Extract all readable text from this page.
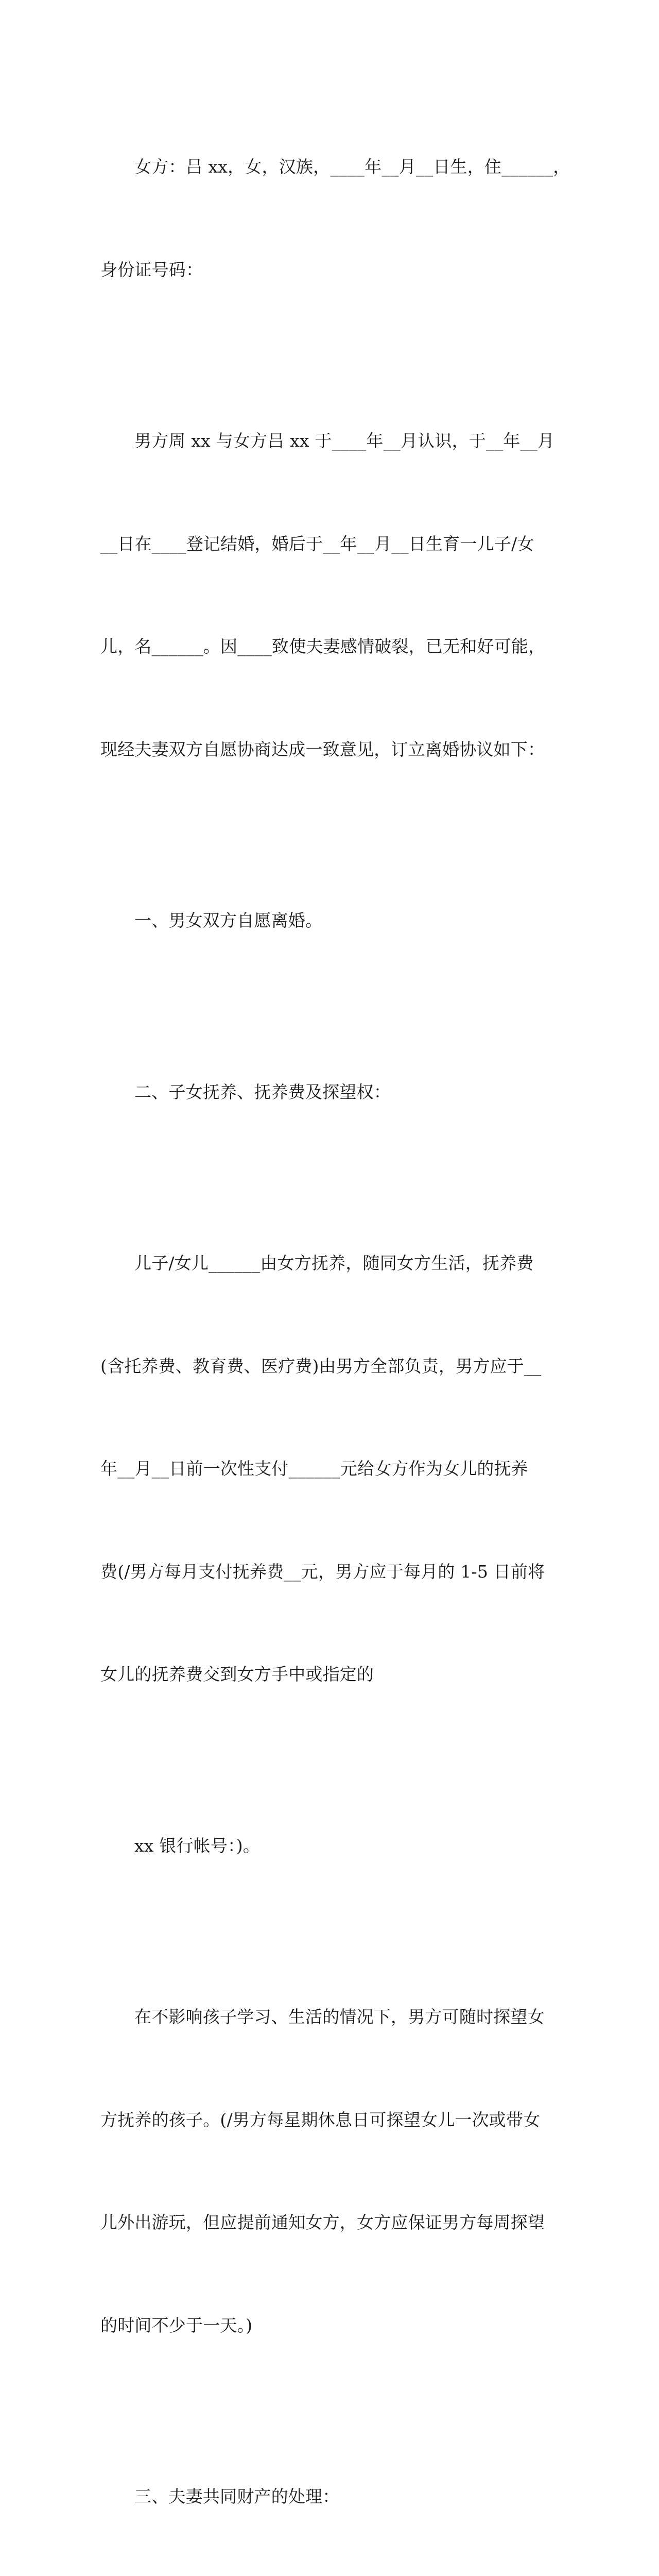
女方：吕 xx，女，汉族，____年__月__日生，住______，

身份证号码：

男方周 xx 与女方吕 xx 于____年__月认识，于__年__月

__日在____登记结婚，婚后于__年__月__日生育一儿子/女

儿，名______。因____致使夫妻感情破裂，已无和好可能，

现经夫妻双方自愿协商达成一致意见，订立离婚协议如下：

一、男女双方自愿离婚。

二、子女抚养、抚养费及探望权：

儿子/女儿______由女方抚养，随同女方生活，抚养费

(含托养费、教育费、医疗费)由男方全部负责，男方应于__

年__月__日前一次性支付______元给女方作为女儿的抚养

费(/男方每月支付抚养费__元，男方应于每月的 1-5 日前将

女儿的抚养费交到女方手中或指定的

xx 银行帐号：)。

在不影响孩子学习、生活的情况下，男方可随时探望女

方抚养的孩子。(/男方每星期休息日可探望女儿一次或带女

儿外出游玩，但应提前通知女方，女方应保证男方每周探望

的时间不少于一天。)

三、夫妻共同财产的处理：
